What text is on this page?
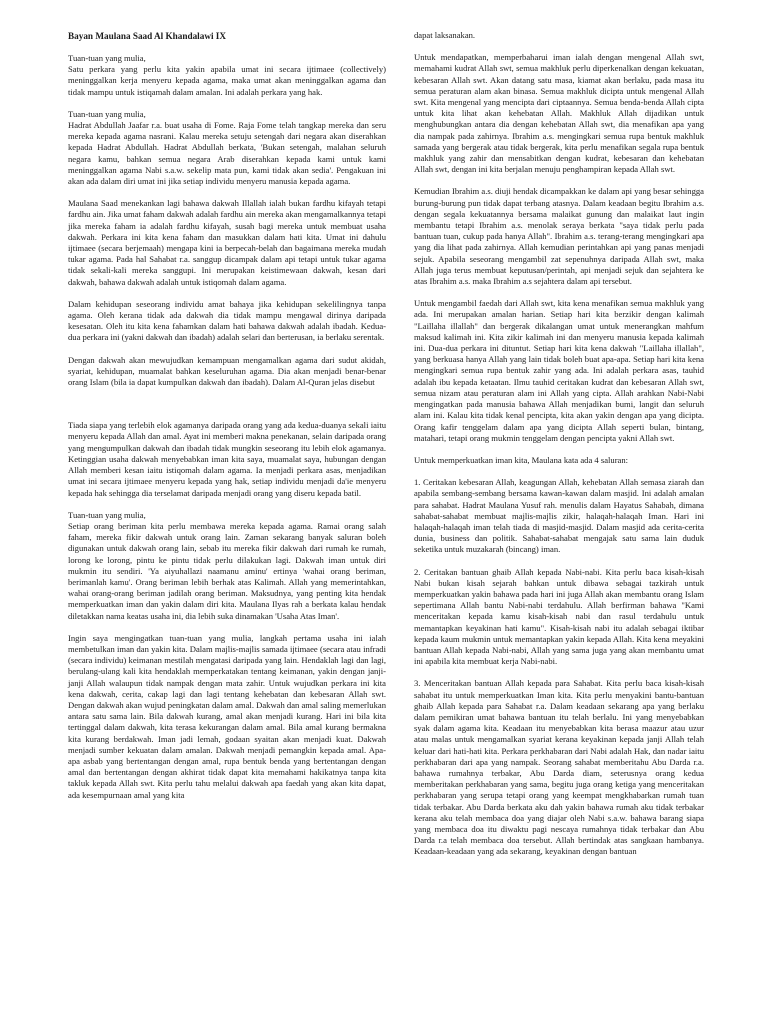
Bayan Maulana Saad Al Khandalawi IX

Tuan-tuan yang mulia,
Satu perkara yang perlu kita yakin apabila umat ini secara ijtimaee (collectively) meninggalkan kerja menyeru kepada agama, maka umat akan meninggalkan agama dan tidak mampu untuk istiqamah dalam amalan. Ini adalah perkara yang hak.

Tuan-tuan yang mulia,
Hadrat Abdullah Jaafar r.a. buat usaha di Fome. Raja Fome telah tangkap mereka dan seru mereka kepada agama nasrani. Kalau mereka setuju setengah dari negara akan diserahkan kepada Hadrat Abdullah. Hadrat Abdullah berkata, 'Bukan setengah, malahan seluruh negara kamu, bahkan semua negara Arab diserahkan kepada kami untuk kami meninggalkan agama Nabi s.a.w. sekelip mata pun, kami tidak akan sedia'. Pengakuan ini akan ada dalam diri umat ini jika setiap individu menyeru manusia kepada agama.

Maulana Saad menekankan lagi bahawa dakwah Illallah ialah bukan fardhu kifayah tetapi fardhu ain. Jika umat faham dakwah adalah fardhu ain mereka akan mengamalkannya tetapi jika mereka faham ia adalah fardhu kifayah, susah bagi mereka untuk membuat usaha dakwah. Perkara ini kita kena faham dan masukkan dalam hati kita. Umat ini dahulu ijtimaee (secara berjemaah) mengapa kini ia berpecah-belah dan bagaimana mereka mudah tukar agama. Pada hal Sahabat r.a. sanggup dicampak dalam api tetapi untuk tukar agama tidak sekali-kali mereka sanggupi. Ini merupakan keistimewaan dakwah, kesan dari dakwah, bahawa dakwah adalah untuk istiqomah dalam agama.

Dalam kehidupan seseorang individu amat bahaya jika kehidupan sekelilingnya tanpa agama. Oleh kerana tidak ada dakwah dia tidak mampu mengawal dirinya daripada kesesatan. Oleh itu kita kena fahamkan dalam hati bahawa dakwah adalah ibadah. Kedua-dua perkara ini (yakni dakwah dan ibadah) adalah selari dan berterusan, ia berlaku serentak.

Dengan dakwah akan mewujudkan kemampuan mengamalkan agama dari sudut akidah, syariat, kehidupan, muamalat bahkan keseluruhan agama. Dia akan menjadi benar-benar orang Islam (bila ia dapat kumpulkan dakwah dan ibadah). Dalam Al-Quran jelas disebut

Tiada siapa yang terlebih elok agamanya daripada orang yang ada kedua-duanya sekali iaitu menyeru kepada Allah dan amal. Ayat ini memberi makna penekanan, selain daripada orang yang mengumpulkan dakwah dan ibadah tidak mungkin seseorang itu lebih elok agamanya. Ketinggian usaha dakwah menyebabkan iman kita saya, muamalat saya, hubungan dengan Allah memberi kesan iaitu istiqomah dalam agama. Ia menjadi perkara asas, menjadikan umat ini secara ijtimaee menyeru kepada yang hak, setiap individu menjadi da'ie menyeru kepada hak sehingga dia terselamat daripada menjadi orang yang diseru kepada batil.

Tuan-tuan yang mulia,
Setiap orang beriman kita perlu membawa mereka kepada agama. Ramai orang salah faham, mereka fikir dakwah untuk orang lain. Zaman sekarang banyak saluran boleh digunakan untuk dakwah orang lain, sebab itu mereka fikir dakwah dari rumah ke rumah, lorong ke lorong, pintu ke pintu tidak perlu dilakukan lagi. Dakwah iman untuk diri mukmin itu sendiri. 'Ya aiyuhallazi naamanu aminu' ertinya 'wahai orang beriman, berimanlah kamu'. Orang beriman lebih berhak atas Kalimah. Allah yang memerintahkan, wahai orang-orang beriman jadilah orang beriman. Maksudnya, yang penting kita hendak memperkuatkan iman dan yakin dalam diri kita. Maulana Ilyas rah a berkata kalau hendak diletakkan nama keatas usaha ini, dia lebih suka dinamakan 'Usaha Atas Iman'.

Ingin saya mengingatkan tuan-tuan yang mulia, langkah pertama usaha ini ialah membetulkan iman dan yakin kita. Dalam majlis-majlis samada ijtimaee (secara atau infradi (secara individu) keimanan mestilah mengatasi daripada yang lain. Hendaklah lagi dan lagi, berulang-ulang kali kita hendaklah memperkatakan tentang keimanan, yakin dengan janji-janji Allah walaupun tidak nampak dengan mata zahir. Untuk wujudkan perkara ini kita kena dakwah, cerita, cakap lagi dan lagi tentang kehebatan dan kebesaran Allah swt. Dengan dakwah akan wujud peningkatan dalam amal. Dakwah dan amal saling memerlukan antara satu sama lain. Bila dakwah kurang, amal akan menjadi kurang. Hari ini bila kita tertinggal dalam dakwah, kita terasa kekurangan dalam amal. Bila amal kurang bermakna kita kurang berdakwah. Iman jadi lemah, godaan syaitan akan menjadi kuat. Dakwah menjadi sumber kekuatan dalam amalan. Dakwah menjadi pemangkin kepada amal. Apa-apa asbab yang bertentangan dengan amal, rupa bentuk benda yang bertentangan dengan amal dan bertentangan dengan akhirat tidak dapat kita memahami hakikatnya tanpa kita takluk kepada Allah swt. Kita perlu tahu melalui dakwah apa faedah yang akan kita dapat, ada kesempurnaan amal yang kita

dapat laksanakan.

Untuk mendapatkan, memperbaharui iman ialah dengan mengenal Allah swt, memahami kudrat Allah swt, semua makhluk perlu diperkenalkan dengan kekuatan, kebesaran Allah swt. Akan datang satu masa, kiamat akan berlaku, pada masa itu semua peraturan alam akan binasa. Semua makhluk dicipta untuk mengenal Allah swt. Kita mengenal yang mencipta dari ciptaannya. Semua benda-benda Allah cipta untuk kita lihat akan kehebatan Allah. Makhluk Allah dijadikan untuk menghubungkan antara dia dengan kehebatan Allah swt, dia menafikan apa yang dia nampak pada zahirnya. Ibrahim a.s. mengingkari semua rupa bentuk makhluk samada yang bergerak atau tidak bergerak, kita perlu menafikan segala rupa bentuk makhluk yang zahir dan mensabitkan dengan kudrat, kebesaran dan kehebatan Allah swt, dengan ini kita berjalan menuju penghampiran kepada Allah swt.

Kemudian Ibrahim a.s. diuji hendak dicampakkan ke dalam api yang besar sehingga burung-burung pun tidak dapat terbang atasnya. Dalam keadaan begitu Ibrahim a.s. dengan segala kekuatannya bersama malaikat gunung dan malaikat laut ingin membantu tetapi Ibrahim a.s. menolak seraya berkata "saya tidak perlu pada bantuan tuan, cukup pada hanya Allah". Ibrahim a.s. terang-terang mengingkari apa yang dia lihat pada zahirnya. Allah kemudian perintahkan api yang panas menjadi sejuk. Apabila seseorang mengambil zat sepenuhnya daripada Allah swt, maka Allah juga terus membuat keputusan/perintah, api menjadi sejuk dan sejahtera ke atas Ibrahim a.s. maka Ibrahim a.s sejahtera dalam api tersebut.

Untuk mengambil faedah dari Allah swt, kita kena menafikan semua makhluk yang ada. Ini merupakan amalan harian. Setiap hari kita berzikir dengan kalimah "Laillaha illallah" dan bergerak dikalangan umat untuk menerangkan mahfum maksud kalimah ini. Kita zikir kalimah ini dan menyeru manusia kepada kalimah ini. Dua-dua perkara ini dituntut. Setiap hari kita kena dakwah "Laillaha illallah", yang berkuasa hanya Allah yang lain tidak boleh buat apa-apa. Setiap hari kita kena mengingkari semua rupa bentuk zahir yang ada. Ini adalah perkara asas, tauhid adalah ibu kepada ketaatan. Ilmu tauhid ceritakan kudrat dan kebesaran Allah swt, semua nizam atau peraturan alam ini Allah yang cipta. Allah arahkan Nabi-Nabi mengingatkan pada manusia bahawa Allah menjadikan bumi, langit dan seluruh alam ini. Kalau kita tidak kenal pencipta, kita akan yakin dengan apa yang dicipta. Orang kafir tenggelam dalam apa yang dicipta Allah seperti bulan, bintang, matahari, tetapi orang mukmin tenggelam dengan pencipta yakni Allah swt.

Untuk memperkuatkan iman kita, Maulana kata ada 4 saluran:

1. Ceritakan kebesaran Allah, keagungan Allah, kehebatan Allah semasa ziarah dan apabila sembang-sembang bersama kawan-kawan dalam masjid. Ini adalah amalan para sahabat. Hadrat Maulana Yusuf rah. menulis dalam Hayatus Sahabah, dimana sahabat-sahabat membuat majlis-majlis zikir, halaqah-halaqah Iman. Hari ini halaqah-halaqah iman telah tiada di masjid-masjid. Dalam masjid ada cerita-cerita dunia, business dan politik. Sahabat-sahabat mengajak satu sama lain duduk seketika untuk muzakarah (bincang) iman.

2. Ceritakan bantuan ghaib Allah kepada Nabi-nabi. Kita perlu baca kisah-kisah Nabi bukan kisah sejarah bahkan untuk dibawa sebagai tazkirah untuk memperkuatkan yakin bahawa pada hari ini juga Allah akan membantu orang Islam sepertimana Allah bantu Nabi-nabi terdahulu. Allah berfirman bahawa "Kami menceritakan kepada kamu kisah-kisah nabi dan rasul terdahulu untuk memantapkan keyakinan hati kamu". Kisah-kisah nabi itu adalah sebagai iktibar kepada kaum mukmin untuk memantapkan yakin kepada Allah. Kita kena meyakini bantuan Allah kepada Nabi-nabi, Allah yang sama juga yang akan membantu umat ini apabila kita membuat kerja Nabi-nabi.

3. Menceritakan bantuan Allah kepada para Sahabat. Kita perlu baca kisah-kisah sahabat itu untuk memperkuatkan Iman kita. Kita perlu menyakini bantu-bantuan ghaib Allah kepada para Sahabat r.a. Dalam keadaan sekarang apa yang berlaku dalam pemikiran umat bahawa bantuan itu telah berlalu. Ini yang menyebabkan syak dalam agama kita. Keadaan itu menyebabkan kita berasa maazur atau uzur atau malas untuk mengamalkan syariat kerana keyakinan kepada janji Allah telah keluar dari hati-hati kita. Perkara perkhabaran dari Nabi adalah Hak, dan nadar iaitu perkhabaran dari apa yang nampak. Seorang sahabat memberitahu Abu Darda r.a. bahawa rumahnya terbakar, Abu Darda diam, seterusnya orang kedua memberitakan perkhabaran yang sama, begitu juga orang ketiga yang menceritakan perkhabaran yang serupa tetapi orang yang keempat mengkhabarkan rumah tuan tidak terbakar. Abu Darda berkata aku dah yakin bahawa rumah aku tidak terbakar kerana aku telah membaca doa yang diajar oleh Nabi s.a.w. bahawa barang siapa yang membaca doa itu diwaktu pagi nescaya rumahnya tidak terbakar dan Abu Darda r.a telah membaca doa tersebut. Allah bertindak atas sangkaan hambanya. Keadaan-keadaan yang ada sekarang, keyakinan dengan bantuan
